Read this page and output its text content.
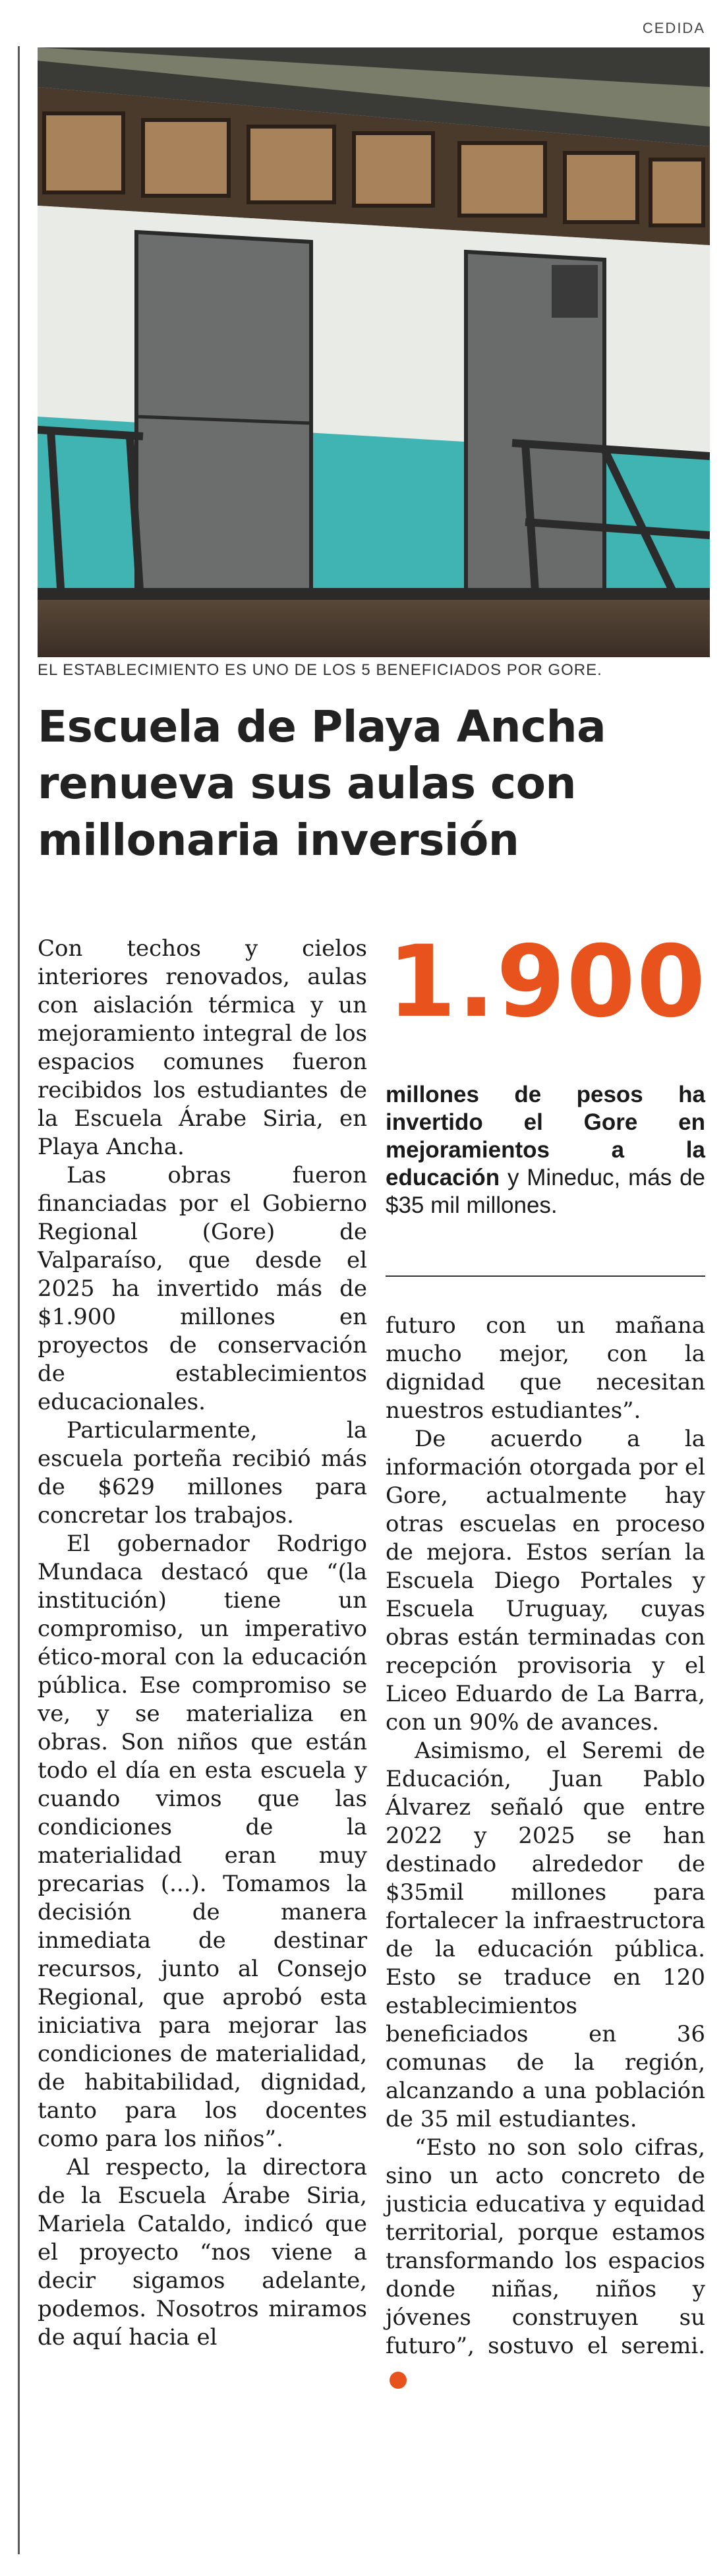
CEDIDA
EL ESTABLECIMIENTO ES UNO DE LOS 5 BENEFICIADOS POR GORE.
Escuela de Playa Ancha renueva sus aulas con millonaria inversión

Con techos y cielos interiores renovados, aulas con aislación térmica y un mejoramiento integral de los espacios comunes fueron recibidos los estudiantes de la Escuela Árabe Siria, en Playa Ancha.

Las obras fueron financiadas por el Gobierno Regional (Gore) de Valparaíso, que desde el 2025 ha invertido más de $1.900 millones en proyectos de conservación de establecimientos educacionales.

Particularmente, la escuela porteña recibió más de $629 millones para concretar los trabajos.

El gobernador Rodrigo Mundaca destacó que “(la institución) tiene un compromiso, un imperativo ético-moral con la educación pública. Ese compromiso se ve, y se materializa en obras. Son niños que están todo el día en esta escuela y cuando vimos que las condiciones de la materialidad eran muy precarias (...). Tomamos la decisión de manera inmediata de destinar recursos, junto al Consejo Regional, que aprobó esta iniciativa para mejorar las condiciones de materialidad, de habitabilidad, dignidad, tanto para los docentes como para los niños”.

Al respecto, la directora de la Escuela Árabe Siria, Mariela Cataldo, indicó que el proyecto “nos viene a decir sigamos adelante, podemos. Nosotros miramos de aquí hacia el

1.900
millones de pesos ha invertido el Gore en mejoramientos a la educación y Mineduc, más de $35 mil millones.

futuro con un mañana mucho mejor, con la dignidad que necesitan nuestros estudiantes”.

De acuerdo a la información otorgada por el Gore, actualmente hay otras escuelas en proceso de mejora. Estos serían la Escuela Diego Portales y Escuela Uruguay, cuyas obras están terminadas con recepción provisoria y el Liceo Eduardo de La Barra, con un 90% de avances.

Asimismo, el Seremi de Educación, Juan Pablo Álvarez señaló que entre 2022 y 2025 se han destinado alrededor de $35mil millones para fortalecer la infraestructora de la educación pública. Esto se traduce en 120 establecimientos beneficiados en 36 comunas de la región, alcanzando a una población de 35 mil estudiantes.

“Esto no son solo cifras, sino un acto concreto de justicia educativa y equidad territorial, porque estamos transformando los espacios donde niñas, niños y jóvenes construyen su futuro”, sostuvo el seremi.✪
